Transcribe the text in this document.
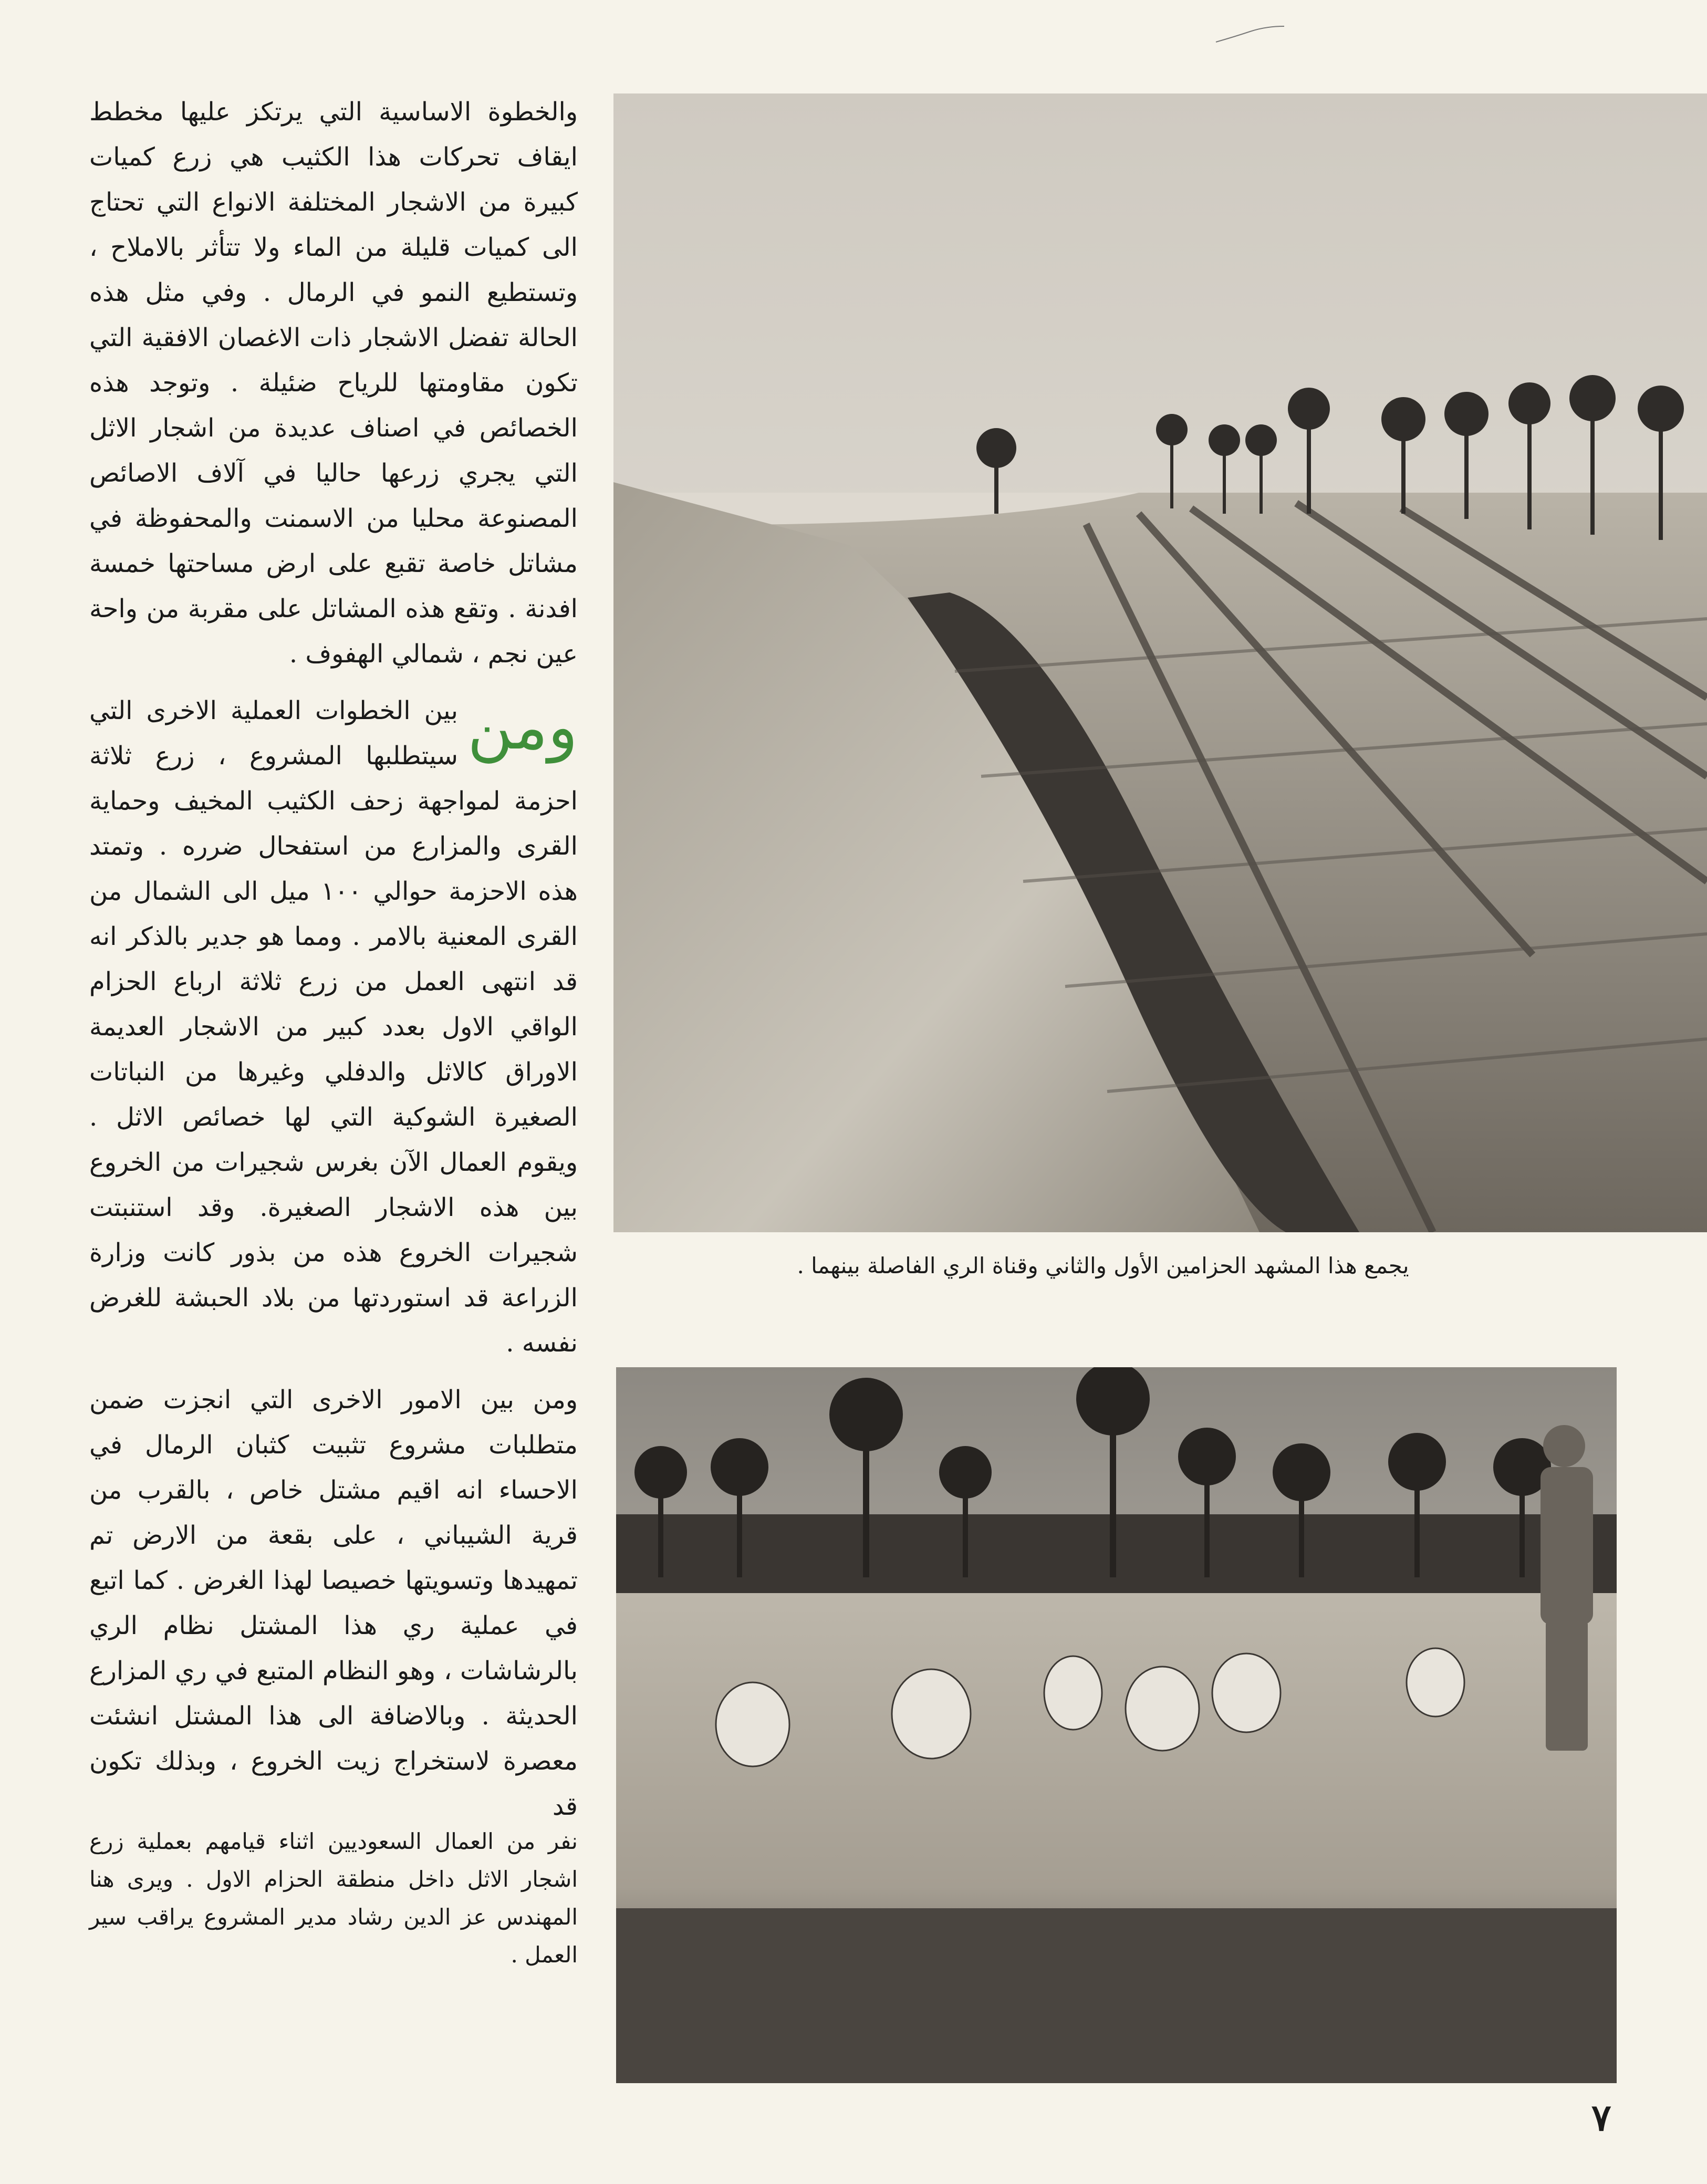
والخطوة الاساسية التي يرتكز عليها مخطط ايقاف تحركات هذا الكثيب هي زرع كميات كبيرة من الاشجار المختلفة الانواع التي تحتاج الى كميات قليلة من الماء ولا تتأثر بالاملاح ، وتستطيع النمو في الرمال . وفي مثل هذه الحالة تفضل الاشجار ذات الاغصان الافقية التي تكون مقاومتها للرياح ضئيلة . وتوجد هذه الخصائص في اصناف عديدة من اشجار الاثل التي يجري زرعها حاليا في آلاف الاصائص المصنوعة محليا من الاسمنت والمحفوظة في مشاتل خاصة تقبع على ارض مساحتها خمسة افدنة . وتقع هذه المشاتل على مقربة من واحة عين نجم ، شمالي الهفوف .

ومن
بين الخطوات العملية الاخرى التي سيتطلبها المشروع ، زرع ثلاثة احزمة لمواجهة زحف الكثيب المخيف وحماية القرى والمزارع من استفحال ضرره . وتمتد هذه الاحزمة حوالي ١٠٠ ميل الى الشمال من القرى المعنية بالامر . ومما هو جدير بالذكر انه قد انتهى العمل من زرع ثلاثة ارباع الحزام الواقي الاول بعدد كبير من الاشجار العديمة الاوراق كالاثل والدفلي وغيرها من النباتات الصغيرة الشوكية التي لها خصائص الاثل . ويقوم العمال الآن بغرس شجيرات من الخروع بين هذه الاشجار الصغيرة. وقد استنبتت شجيرات الخروع هذه من بذور كانت وزارة الزراعة قد استوردتها من بلاد الحبشة للغرض نفسه .

ومن بين الامور الاخرى التي انجزت ضمن متطلبات مشروع تثبيت كثبان الرمال في الاحساء انه اقيم مشتل خاص ، بالقرب من قرية الشيباني ، على بقعة من الارض تم تمهيدها وتسويتها خصيصا لهذا الغرض . كما اتبع في عملية ري هذا المشتل نظام الري بالرشاشات ، وهو النظام المتبع في ري المزارع الحديثة . وبالاضافة الى هذا المشتل انشئت معصرة لاستخراج زيت الخروع ، وبذلك تكون قد

يجمع هذا المشهد الحزامين الأول والثاني وقناة الري الفاصلة بينهما .
نفر من العمال السعوديين اثناء قيامهم بعملية زرع اشجار الاثل داخل منطقة الحزام الاول . ويرى هنا المهندس عز الدين رشاد مدير المشروع يراقب سير العمل .
٧
